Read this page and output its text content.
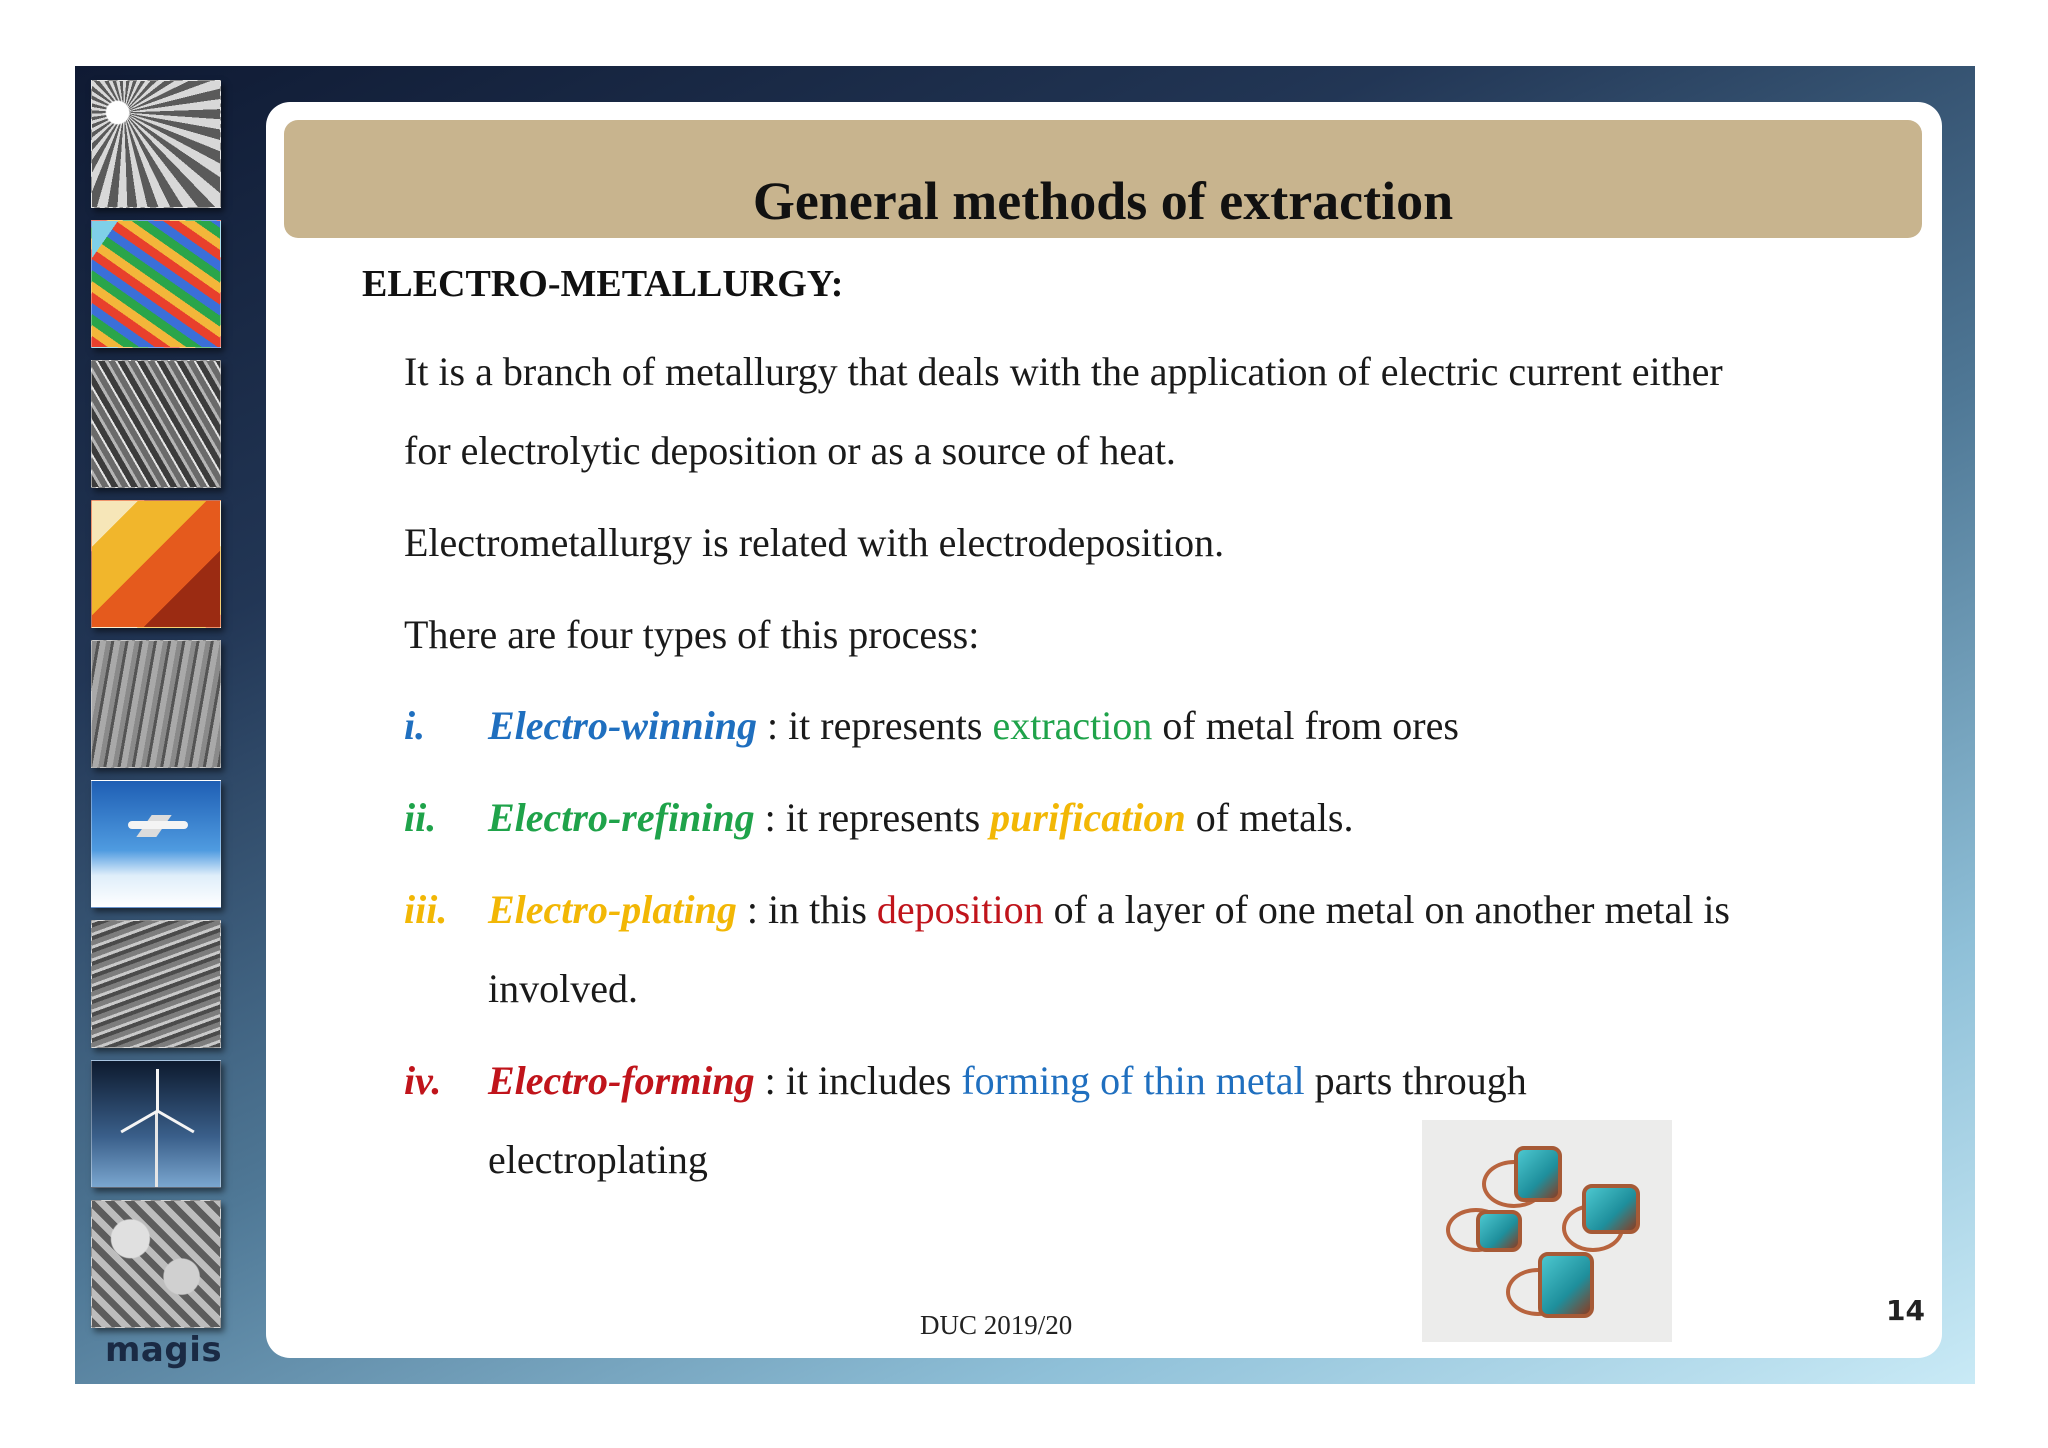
magis
General methods of extraction
ELECTRO-METALLURGY:
It is a branch of metallurgy that deals with the application of electric current either
for electrolytic deposition or as a source of heat.
Electrometallurgy is related with electrodeposition.
There are four types of this process:
i. Electro-winning : it represents extraction of metal from ores
ii. Electro-refining : it represents purification of metals.
iii. Electro-plating : in this deposition of a layer of one metal on another metal is
involved.
iv. Electro-forming : it includes forming of thin metal parts through
electroplating
DUC 2019/20	14
